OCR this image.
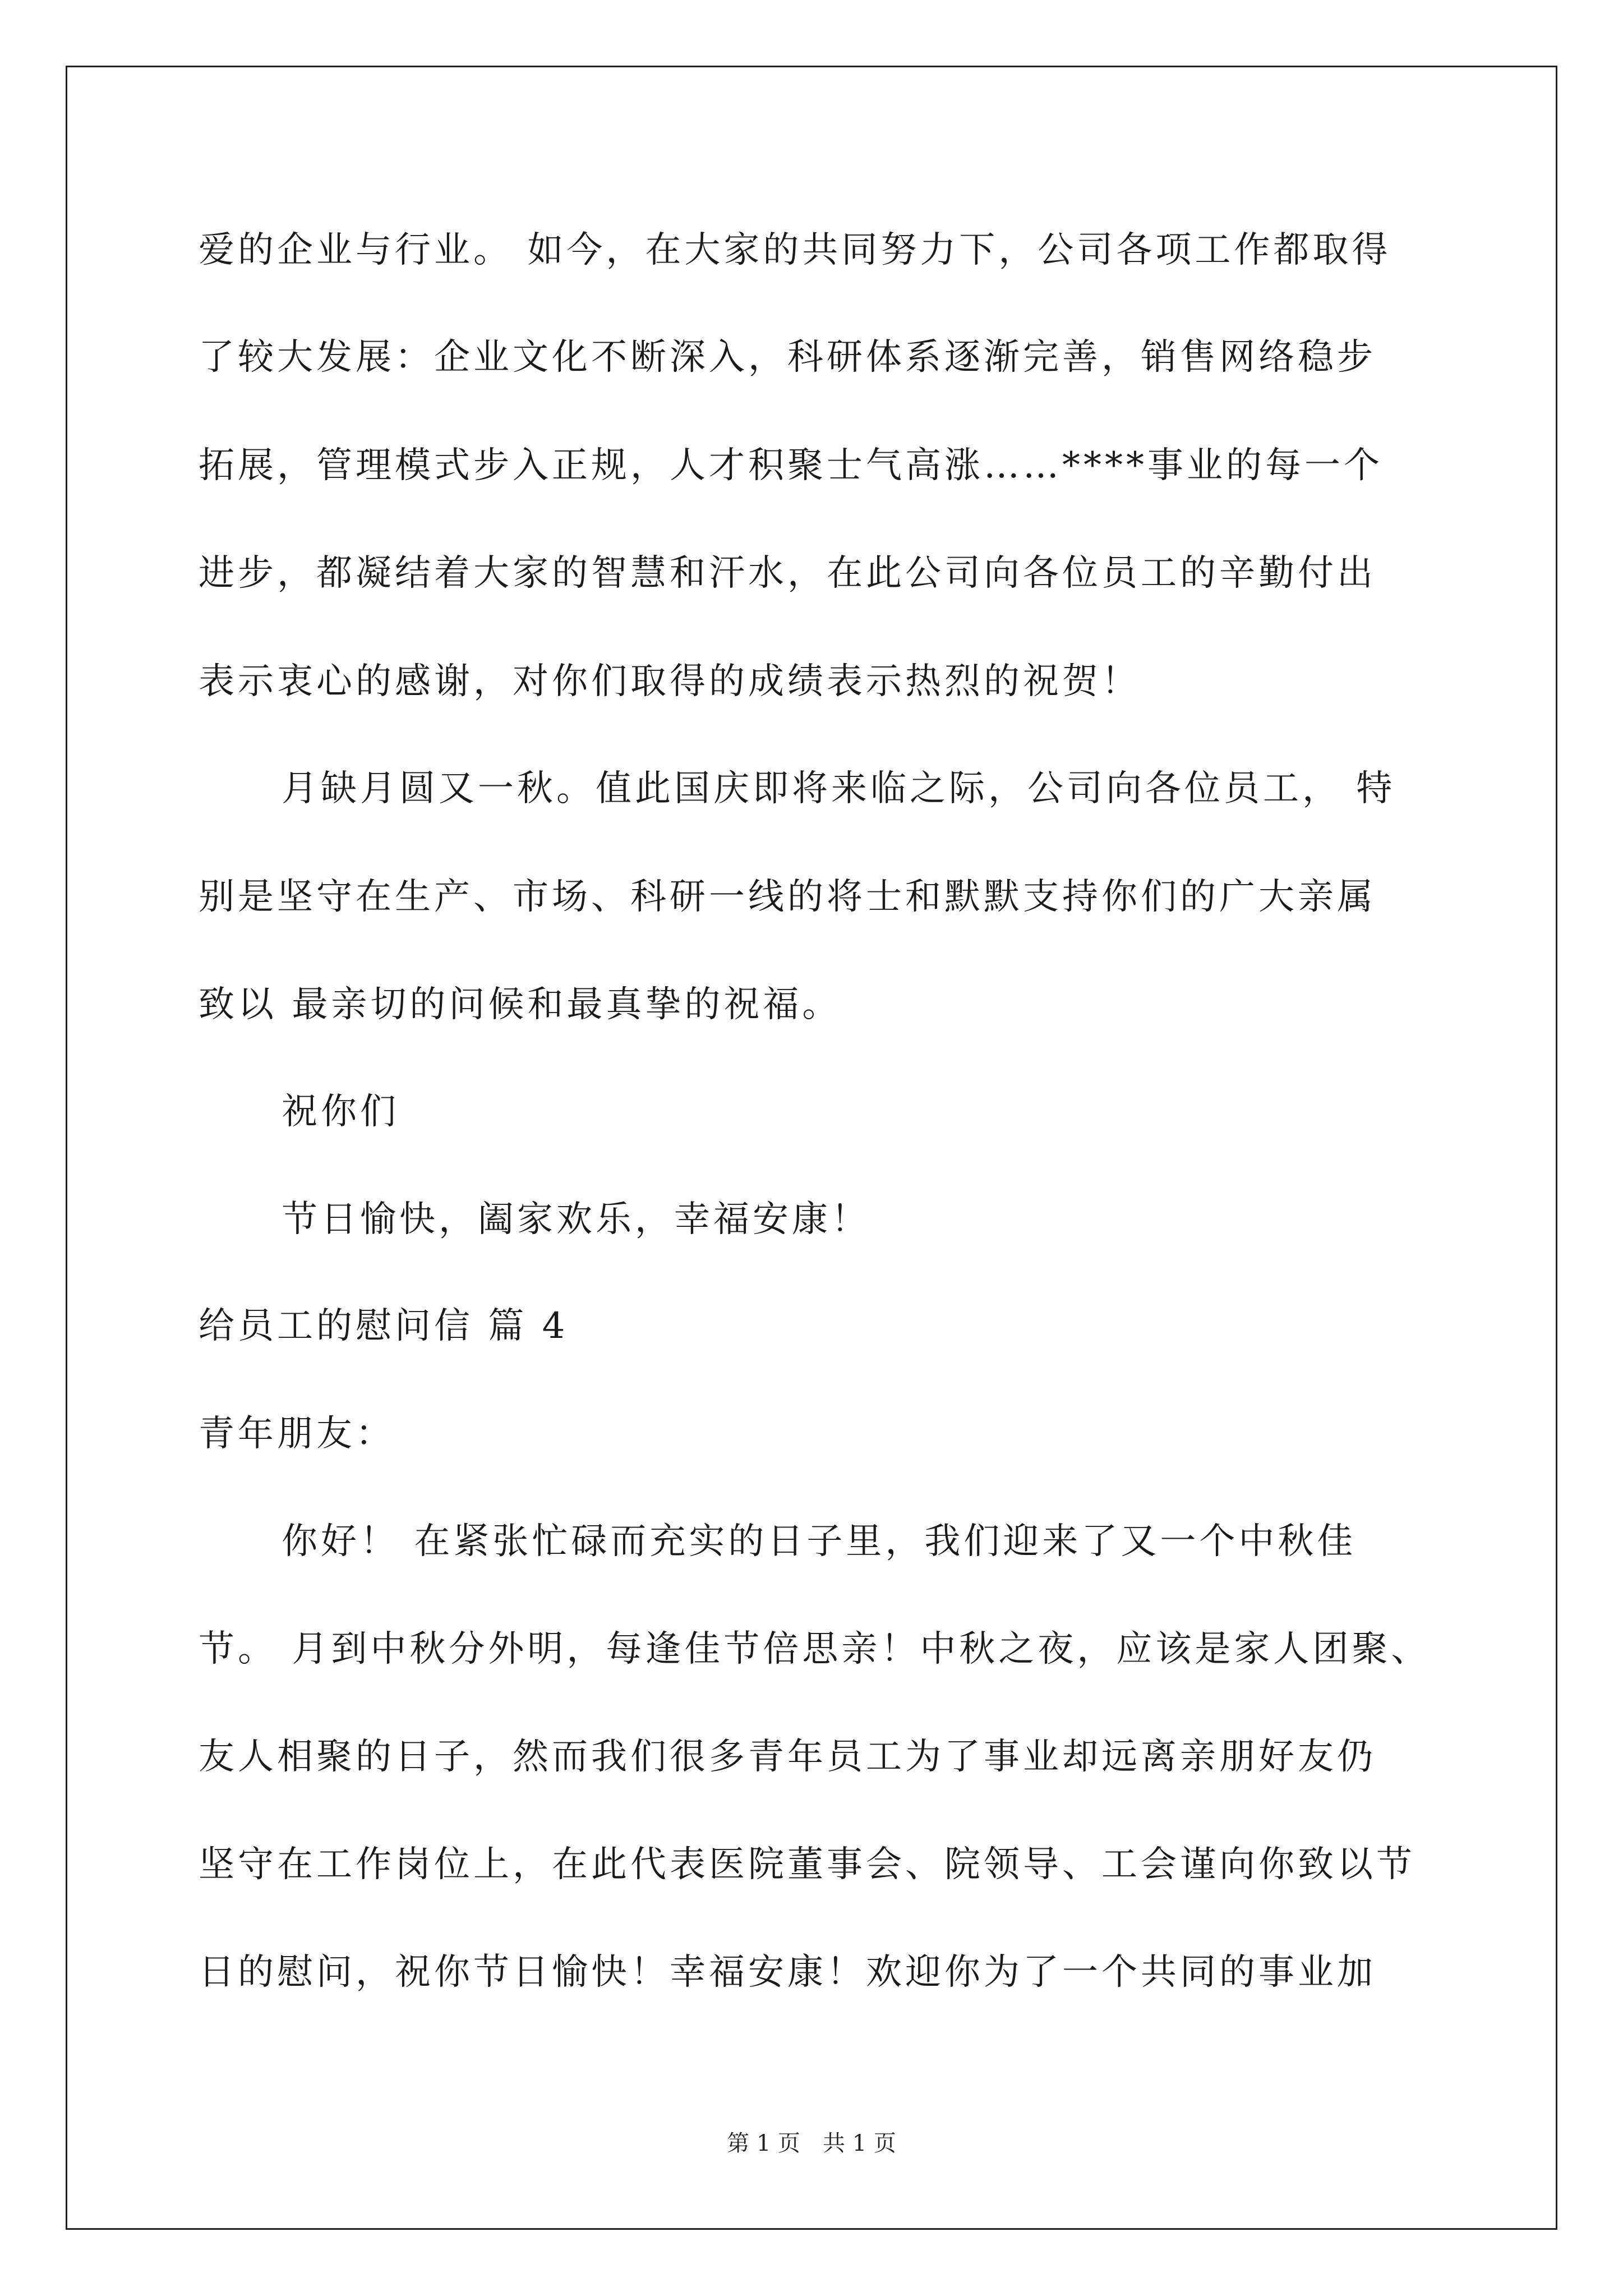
爱的企业与行业。 如今，在大家的共同努力下，公司各项工作都取得
了较大发展：企业文化不断深入，科研体系逐渐完善，销售网络稳步
拓展，管理模式步入正规，人才积聚士气高涨……****事业的每一个
进步，都凝结着大家的智慧和汗水，在此公司向各位员工的辛勤付出
表示衷心的感谢，对你们取得的成绩表示热烈的祝贺！
月缺月圆又一秋。值此国庆即将来临之际，公司向各位员工， 特
别是坚守在生产、市场、科研一线的将士和默默支持你们的广大亲属
致以 最亲切的问候和最真挚的祝福。
祝你们
节日愉快，阖家欢乐，幸福安康！
给员工的慰问信 篇 4
青年朋友：
你好！ 在紧张忙碌而充实的日子里，我们迎来了又一个中秋佳
节。 月到中秋分外明，每逢佳节倍思亲！中秋之夜，应该是家人团聚、
友人相聚的日子，然而我们很多青年员工为了事业却远离亲朋好友仍
坚守在工作岗位上，在此代表医院董事会、院领导、工会谨向你致以节
日的慰问，祝你节日愉快！幸福安康！欢迎你为了一个共同的事业加
第 1 页 共 1 页
